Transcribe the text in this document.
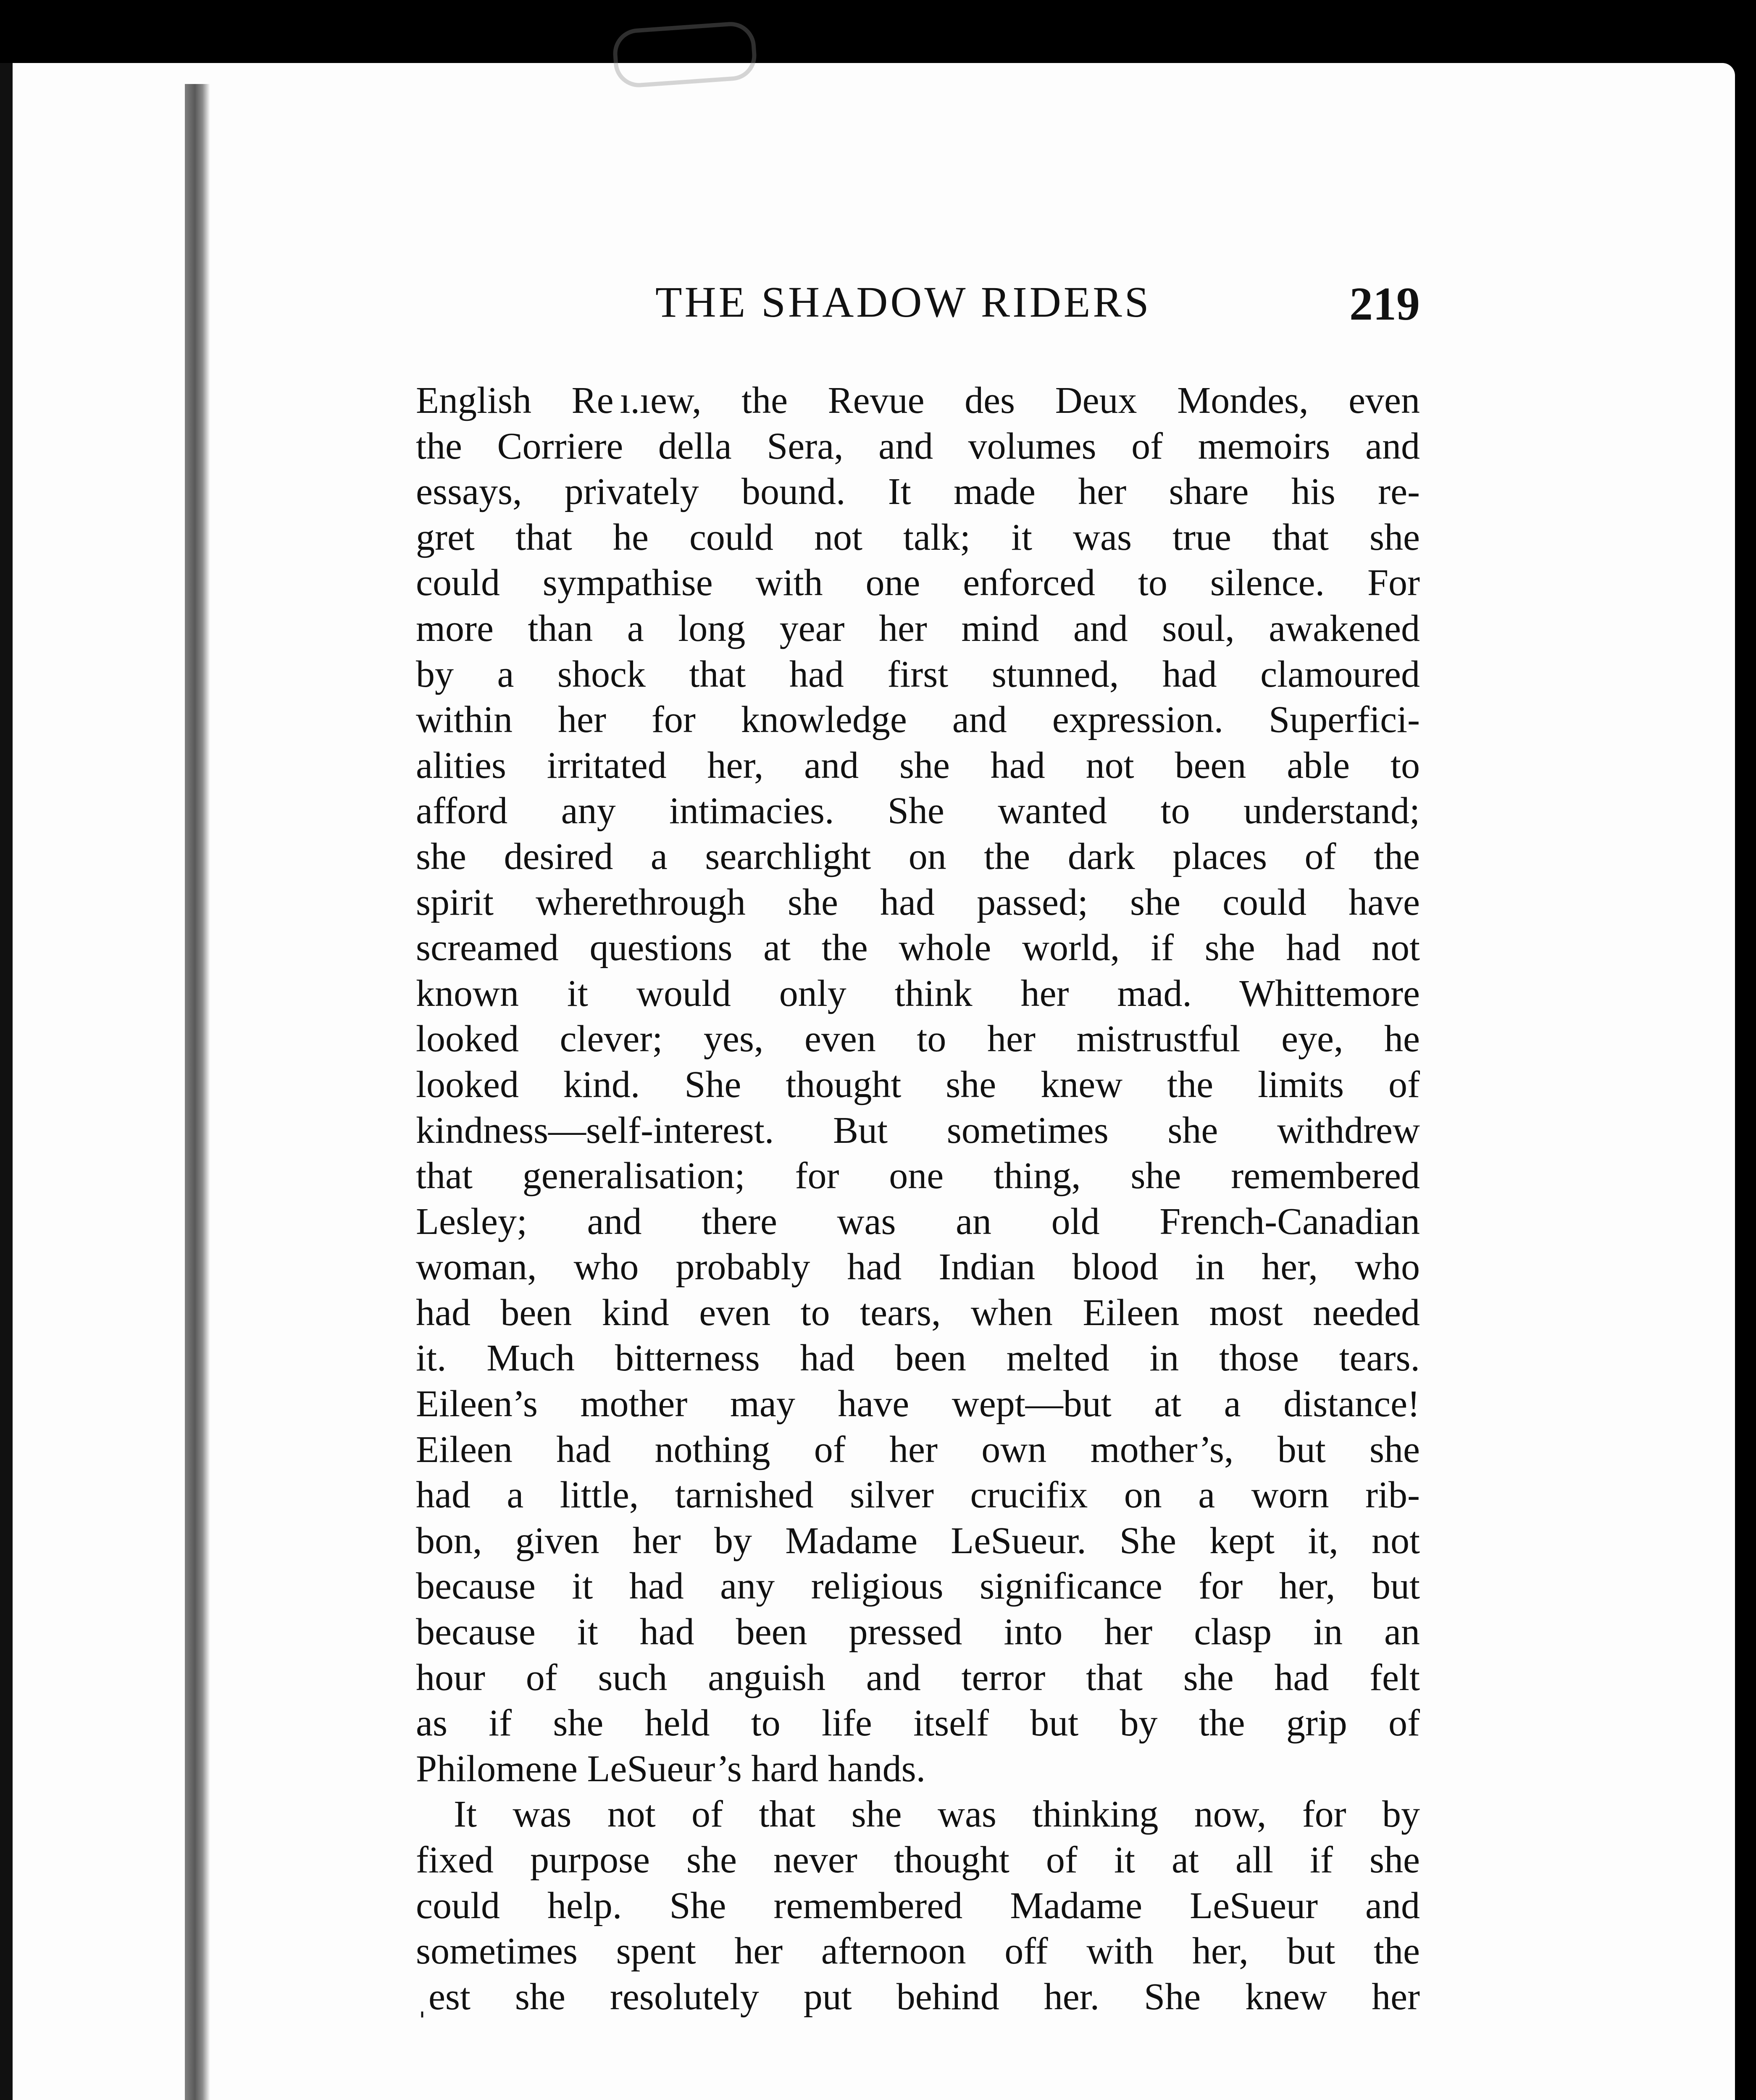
THE SHADOW RIDERS	219
English Re ı.ıew, the Revue des Deux Mondes, even
the Corriere della Sera, and volumes of memoirs and
essays, privately bound. It made her share his re-
gret that he could not talk; it was true that she
could sympathise with one enforced to silence. For
more than a long year her mind and soul, awakened
by a shock that had first stunned, had clamoured
within her for knowledge and expression. Superfici-
alities irritated her, and she had not been able to
afford any intimacies. She wanted to understand;
she desired a searchlight on the dark places of the
spirit wherethrough she had passed; she could have
screamed questions at the whole world, if she had not
known it would only think her mad. Whittemore
looked clever; yes, even to her mistrustful eye, he
looked kind. She thought she knew the limits of
kindness—self-interest. But sometimes she withdrew
that generalisation; for one thing, she remembered
Lesley; and there was an old French-Canadian
woman, who probably had Indian blood in her, who
had been kind even to tears, when Eileen most needed
it. Much bitterness had been melted in those tears.
Eileen’s mother may have wept—but at a distance!
Eileen had nothing of her own mother’s, but she
had a little, tarnished silver crucifix on a worn rib-
bon, given her by Madame LeSueur. She kept it, not
because it had any religious significance for her, but
because it had been pressed into her clasp in an
hour of such anguish and terror that she had felt
as if she held to life itself but by the grip of
Philomene LeSueur’s hard hands.
It was not of that she was thinking now, for by
fixed purpose she never thought of it at all if she
could help. She remembered Madame LeSueur and
sometimes spent her afternoon off with her, but the
ˌest she resolutely put behind her. She knew her
